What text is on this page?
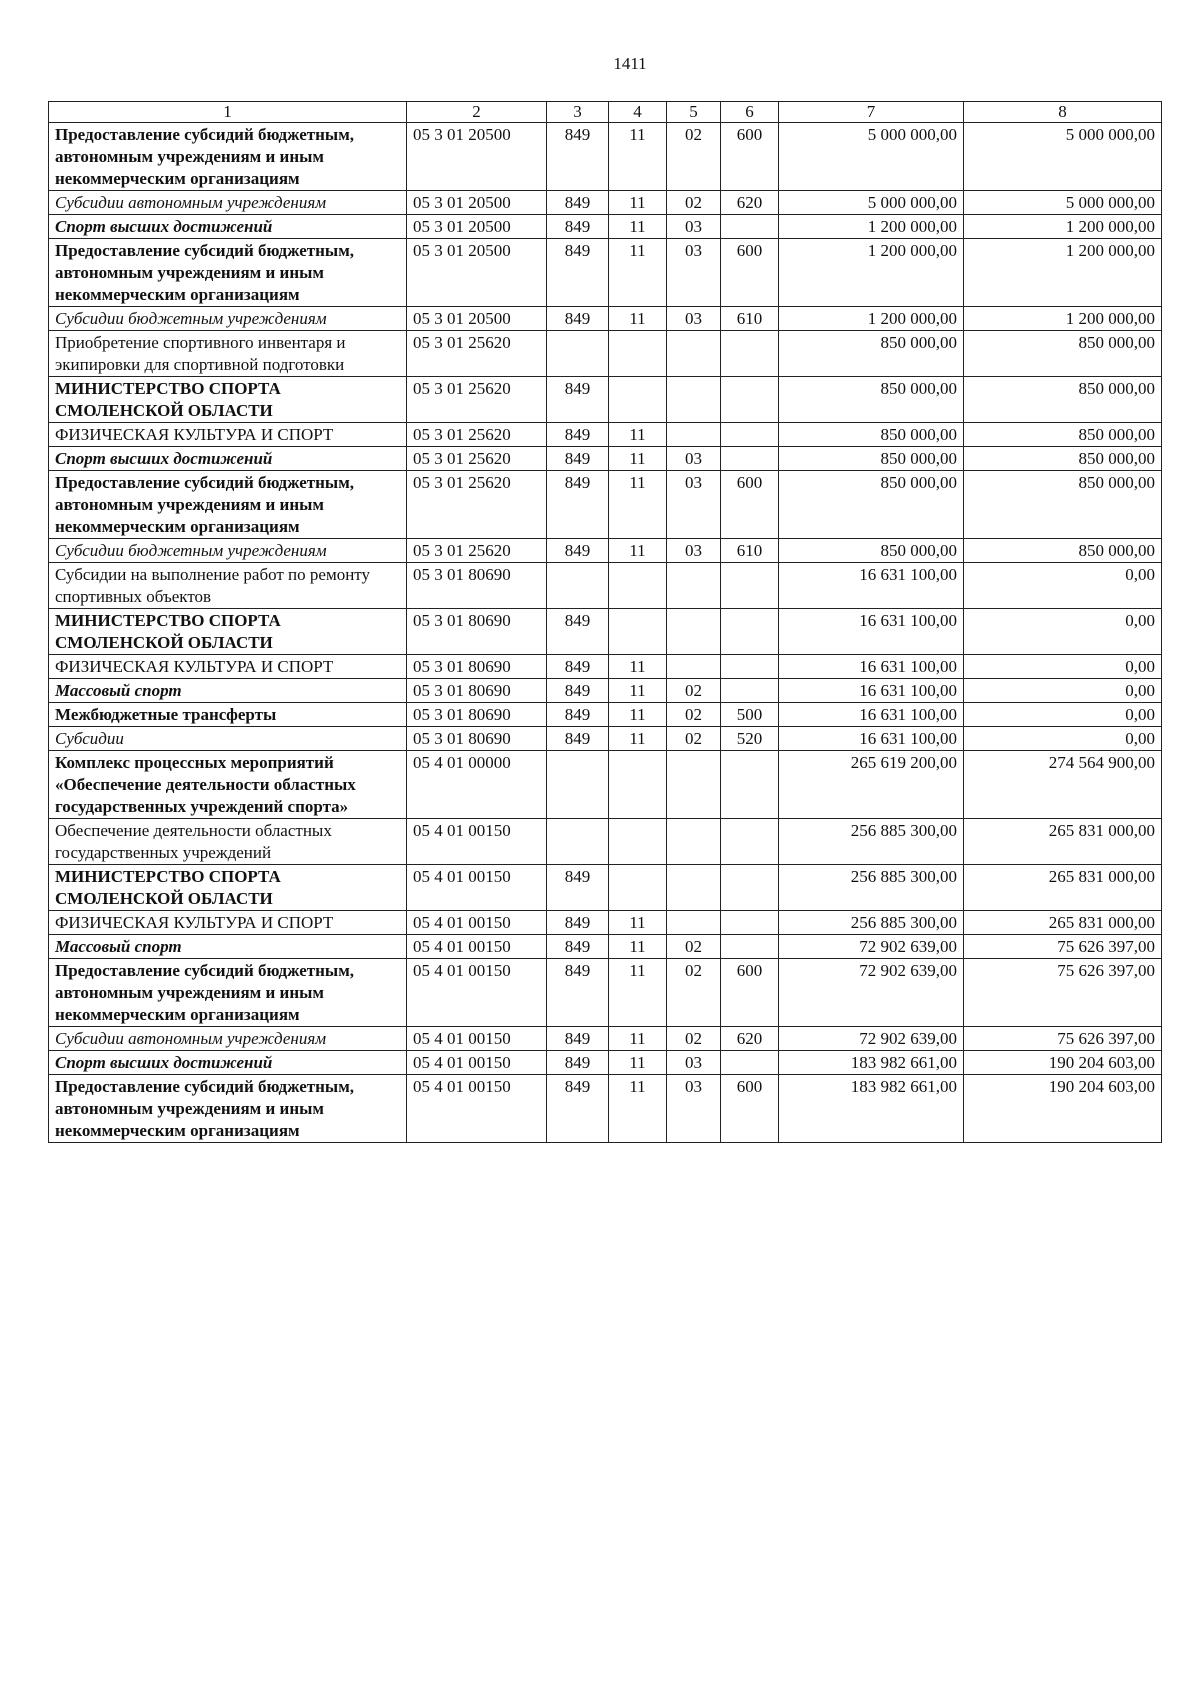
1411
1	2	3	4	5	6	7	8
Предоставление субсидий бюджетным, автономным учреждениям и иным некоммерческим организациям	05 3 01 20500	849	11	02	600	5 000 000,00	5 000 000,00
Субсидии автономным учреждениям	05 3 01 20500	849	11	02	620	5 000 000,00	5 000 000,00
Спорт высших достижений	05 3 01 20500	849	11	03		1 200 000,00	1 200 000,00
Предоставление субсидий бюджетным, автономным учреждениям и иным некоммерческим организациям	05 3 01 20500	849	11	03	600	1 200 000,00	1 200 000,00
Субсидии бюджетным учреждениям	05 3 01 20500	849	11	03	610	1 200 000,00	1 200 000,00
Приобретение спортивного инвентаря и экипировки для спортивной подготовки	05 3 01 25620					850 000,00	850 000,00
МИНИСТЕРСТВО СПОРТА СМОЛЕНСКОЙ ОБЛАСТИ	05 3 01 25620	849				850 000,00	850 000,00
ФИЗИЧЕСКАЯ КУЛЬТУРА И СПОРТ	05 3 01 25620	849	11			850 000,00	850 000,00
Спорт высших достижений	05 3 01 25620	849	11	03		850 000,00	850 000,00
Предоставление субсидий бюджетным, автономным учреждениям и иным некоммерческим организациям	05 3 01 25620	849	11	03	600	850 000,00	850 000,00
Субсидии бюджетным учреждениям	05 3 01 25620	849	11	03	610	850 000,00	850 000,00
Субсидии на выполнение работ по ремонту спортивных объектов	05 3 01 80690					16 631 100,00	0,00
МИНИСТЕРСТВО СПОРТА СМОЛЕНСКОЙ ОБЛАСТИ	05 3 01 80690	849				16 631 100,00	0,00
ФИЗИЧЕСКАЯ КУЛЬТУРА И СПОРТ	05 3 01 80690	849	11			16 631 100,00	0,00
Массовый спорт	05 3 01 80690	849	11	02		16 631 100,00	0,00
Межбюджетные трансферты	05 3 01 80690	849	11	02	500	16 631 100,00	0,00
Субсидии	05 3 01 80690	849	11	02	520	16 631 100,00	0,00
Комплекс процессных мероприятий «Обеспечение деятельности областных государственных учреждений спорта»	05 4 01 00000					265 619 200,00	274 564 900,00
Обеспечение деятельности областных государственных учреждений	05 4 01 00150					256 885 300,00	265 831 000,00
МИНИСТЕРСТВО СПОРТА СМОЛЕНСКОЙ ОБЛАСТИ	05 4 01 00150	849				256 885 300,00	265 831 000,00
ФИЗИЧЕСКАЯ КУЛЬТУРА И СПОРТ	05 4 01 00150	849	11			256 885 300,00	265 831 000,00
Массовый спорт	05 4 01 00150	849	11	02		72 902 639,00	75 626 397,00
Предоставление субсидий бюджетным, автономным учреждениям и иным некоммерческим организациям	05 4 01 00150	849	11	02	600	72 902 639,00	75 626 397,00
Субсидии автономным учреждениям	05 4 01 00150	849	11	02	620	72 902 639,00	75 626 397,00
Спорт высших достижений	05 4 01 00150	849	11	03		183 982 661,00	190 204 603,00
Предоставление субсидий бюджетным, автономным учреждениям и иным некоммерческим организациям	05 4 01 00150	849	11	03	600	183 982 661,00	190 204 603,00
